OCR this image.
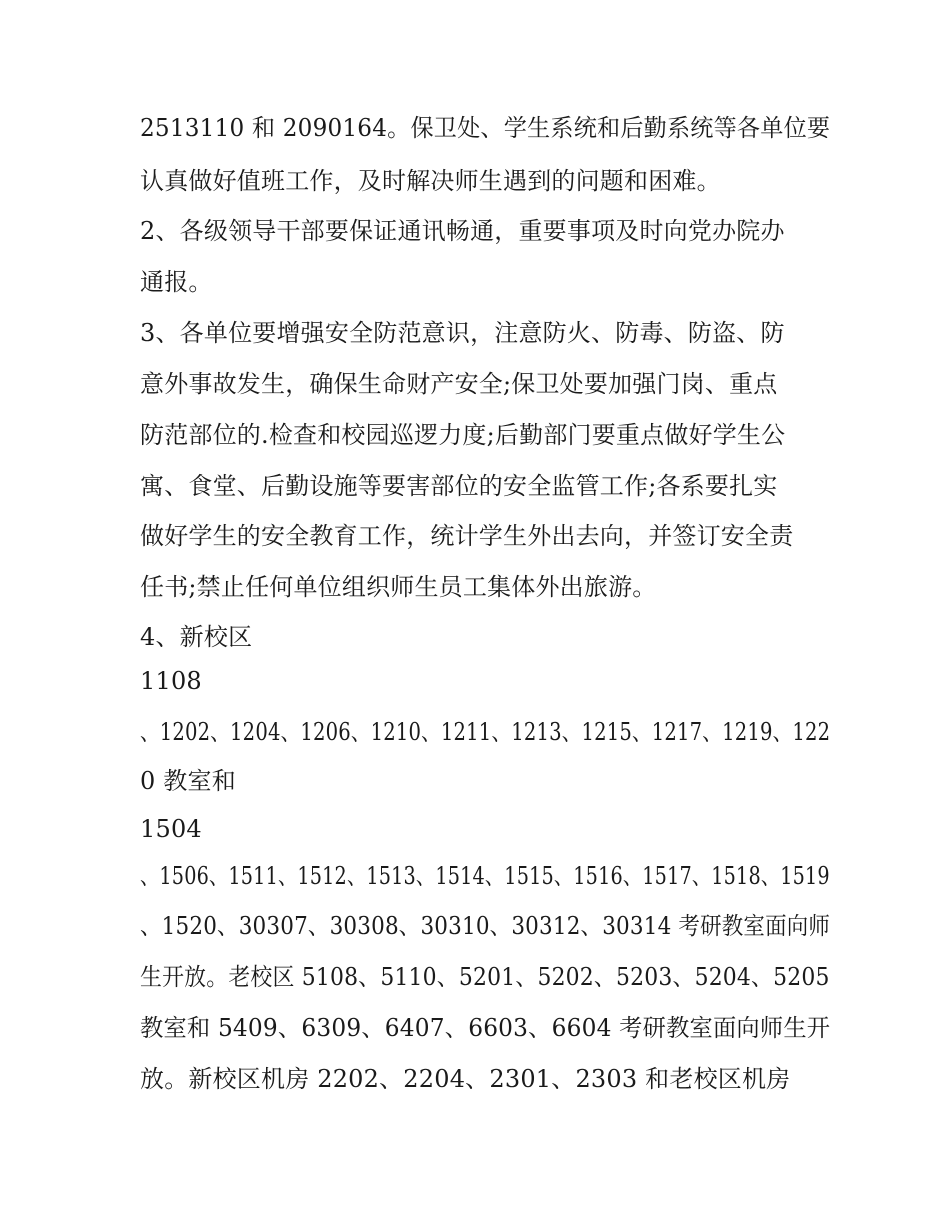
2513110 和 2090164。保卫处、学生系统和后勤系统等各单位要
认真做好值班工作，及时解决师生遇到的问题和困难。
2、各级领导干部要保证通讯畅通，重要事项及时向党办院办
通报。
3、各单位要增强安全防范意识，注意防火、防毒、防盗、防
意外事故发生，确保生命财产安全;保卫处要加强门岗、重点
防范部位的.检查和校园巡逻力度;后勤部门要重点做好学生公
寓、食堂、后勤设施等要害部位的安全监管工作;各系要扎实
做好学生的安全教育工作，统计学生外出去向，并签订安全责
任书;禁止任何单位组织师生员工集体外出旅游。
4、新校区
1108
、1202、1204、1206、1210、1211、1213、1215、1217、1219、122
0 教室和
1504
、1506、1511、1512、1513、1514、1515、1516、1517、1518、1519
、1520、30307、30308、30310、30312、30314 考研教室面向师
生开放。老校区 5108、5110、5201、5202、5203、5204、5205
教室和 5409、6309、6407、6603、6604 考研教室面向师生开
放。新校区机房 2202、2204、2301、2303 和老校区机房
